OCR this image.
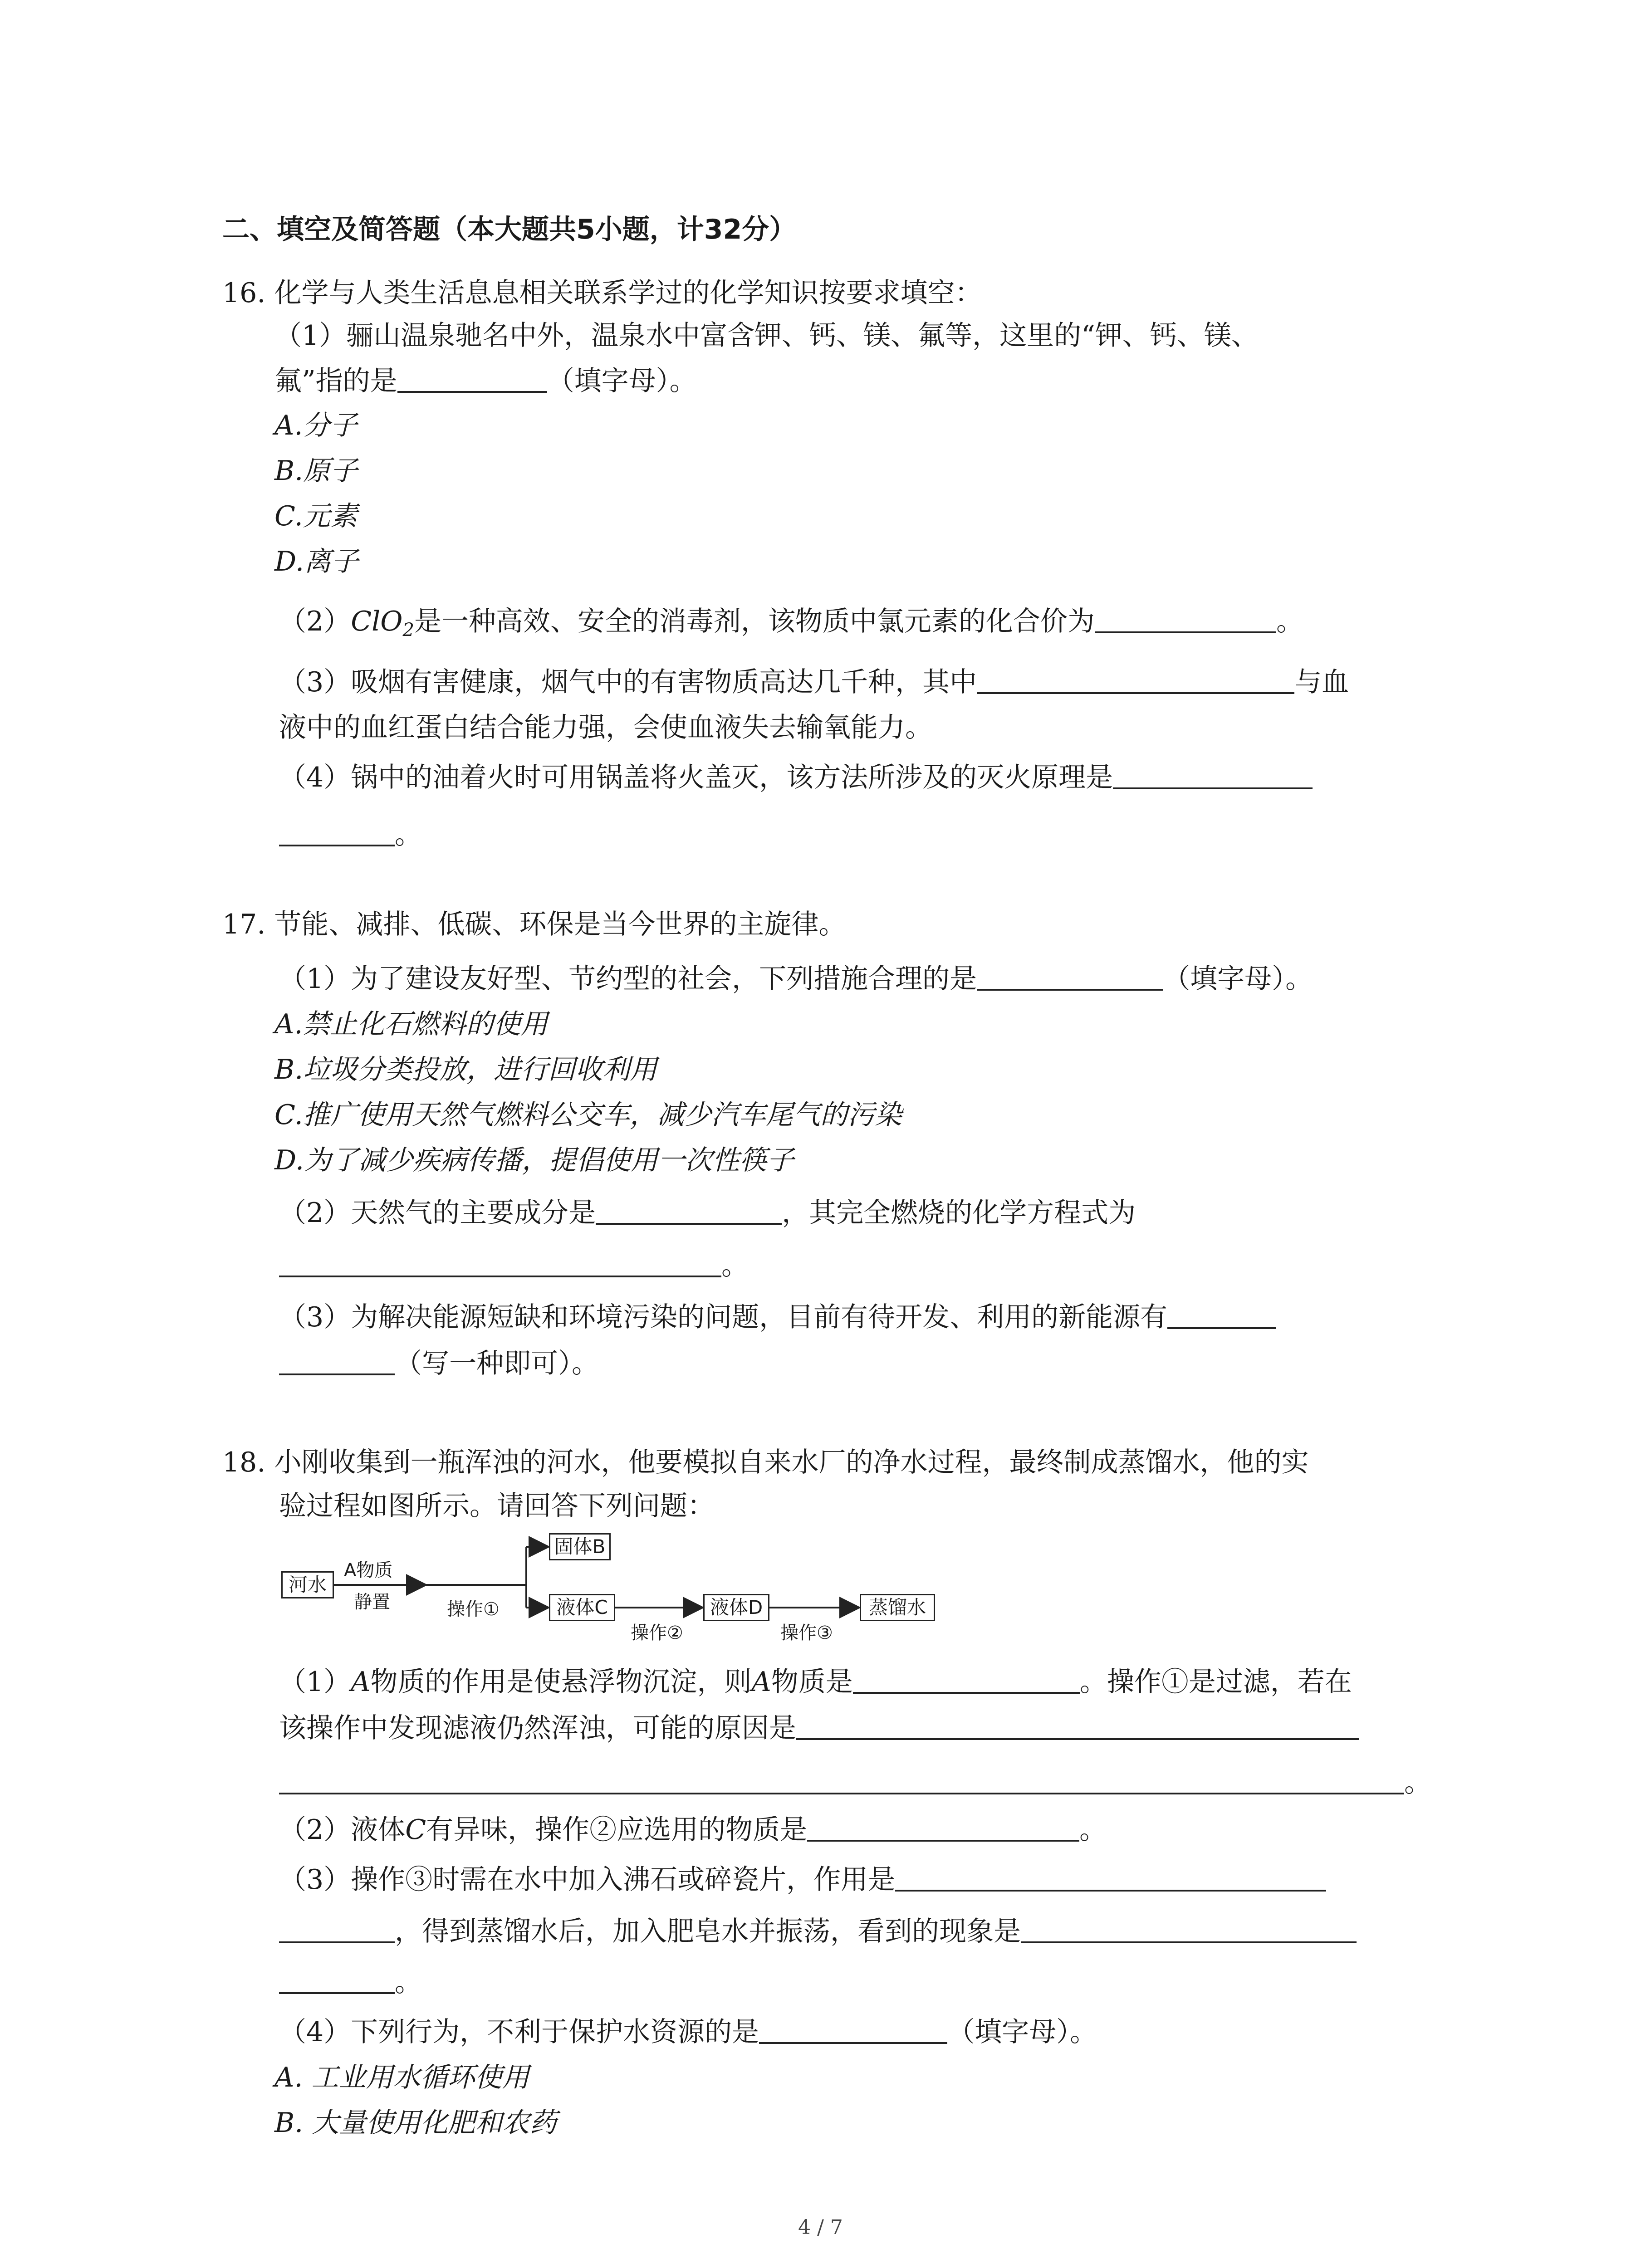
二、填空及简答题（本大题共5小题，计32分）
16. 化学与人类生活息息相关联系学过的化学知识按要求填空：
（1）骊山温泉驰名中外，温泉水中富含钾、钙、镁、氟等，这里的“钾、钙、镁、
氟”指的是	（填字母）。
A.分子
B.原子
C.元素
D.离子
（2）ClO$_2$是一种高效、安全的消毒剂，该物质中氯元素的化合价为	。
（3）吸烟有害健康，烟气中的有害物质高达几千种，其中	与血
液中的血红蛋白结合能力强，会使血液失去输氧能力。
（4）锅中的油着火时可用锅盖将火盖灭，该方法所涉及的灭火原理是
。
17. 节能、减排、低碳、环保是当今世界的主旋律。
（1）为了建设友好型、节约型的社会，下列措施合理的是	（填字母）。
A.禁止化石燃料的使用
B.垃圾分类投放，进行回收利用
C.推广使用天然气燃料公交车，减少汽车尾气的污染
D.为了减少疾病传播，提倡使用一次性筷子
（2）天然气的主要成分是	，其完全燃烧的化学方程式为
。
（3）为解决能源短缺和环境污染的问题，目前有待开发、利用的新能源有
（写一种即可）。
18. 小刚收集到一瓶浑浊的河水，他要模拟自来水厂的净水过程，最终制成蒸馏水，他的实
验过程如图所示。请回答下列问题：
河水
A物质
静置	操作①
固体B
液体C
操作②
液体D
操作③
蒸馏水
（1）A物质的作用是使悬浮物沉淀，则A物质是	。操作①是过滤，若在
该操作中发现滤液仍然浑浊，可能的原因是
。
（2）液体C有异味，操作②应选用的物质是	。
（3）操作③时需在水中加入沸石或碎瓷片，作用是
，得到蒸馏水后，加入肥皂水并振荡，看到的现象是
。
（4）下列行为，不利于保护水资源的是	（填字母）。
A. 工业用水循环使用
B. 大量使用化肥和农药
4 / 7
